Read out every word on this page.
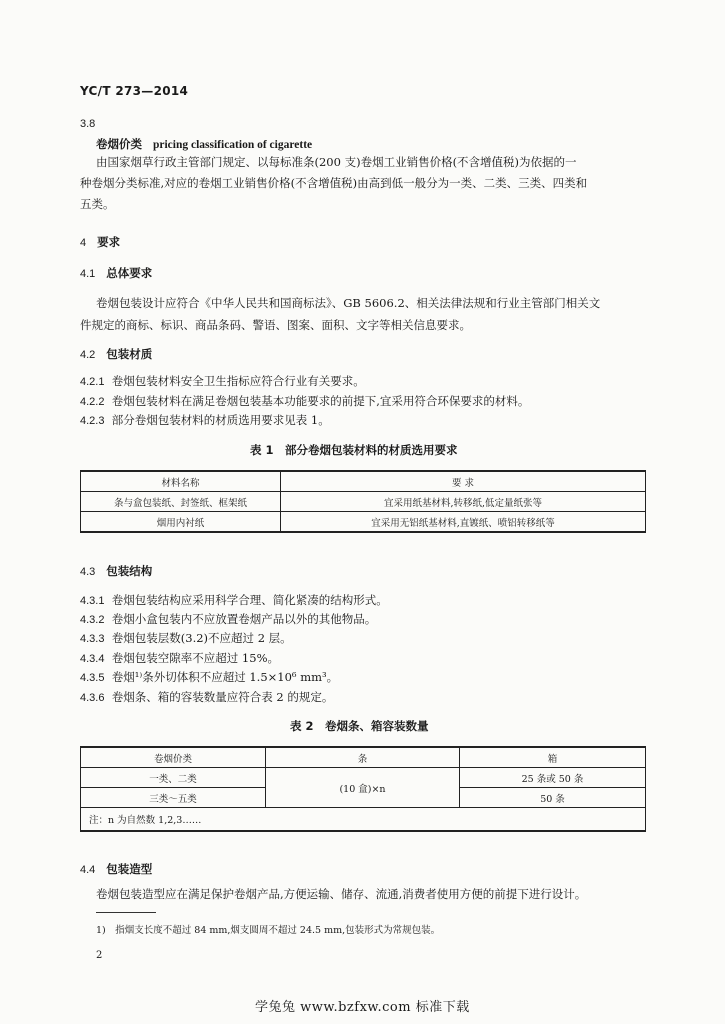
YC/T 273—2014
3.8
卷烟价类 pricing classification of cigarette
由国家烟草行政主管部门规定、以每标准条(200 支)卷烟工业销售价格(不含增值税)为依据的一
种卷烟分类标准,对应的卷烟工业销售价格(不含增值税)由高到低一般分为一类、二类、三类、四类和
五类。
4 要求
4.1 总体要求
卷烟包装设计应符合《中华人民共和国商标法》、GB 5606.2、相关法律法规和行业主管部门相关文
件规定的商标、标识、商品条码、警语、图案、面积、文字等相关信息要求。
4.2 包装材质
4.2.1 卷烟包装材料安全卫生指标应符合行业有关要求。
4.2.2 卷烟包装材料在满足卷烟包装基本功能要求的前提下,宜采用符合环保要求的材料。
4.2.3 部分卷烟包装材料的材质选用要求见表 1。
表 1　部分卷烟包装材料的材质选用要求
材料名称	要 求
条与盒包装纸、封签纸、框架纸	宜采用纸基材料,转移纸,低定量纸张等
烟用内衬纸	宜采用无铝纸基材料,直镀纸、喷铝转移纸等
4.3 包装结构
4.3.1 卷烟包装结构应采用科学合理、简化紧凑的结构形式。
4.3.2 卷烟小盒包装内不应放置卷烟产品以外的其他物品。
4.3.3 卷烟包装层数(3.2)不应超过 2 层。
4.3.4 卷烟包装空隙率不应超过 15%。
4.3.5 卷烟¹⁾条外切体积不应超过 1.5×10⁶ mm³。
4.3.6 卷烟条、箱的容装数量应符合表 2 的规定。
表 2　卷烟条、箱容装数量
卷烟价类	条	箱
一类、二类	(10 盒)×n	25 条或 50 条
三类～五类		50 条
注：n 为自然数 1,2,3……		
4.4 包装造型
卷烟包装造型应在满足保护卷烟产品,方便运输、储存、流通,消费者使用方便的前提下进行设计。
1)　指烟支长度不超过 84 mm,烟支圆周不超过 24.5 mm,包装形式为常规包装。
2
学兔兔 www.bzfxw.com 标准下载
